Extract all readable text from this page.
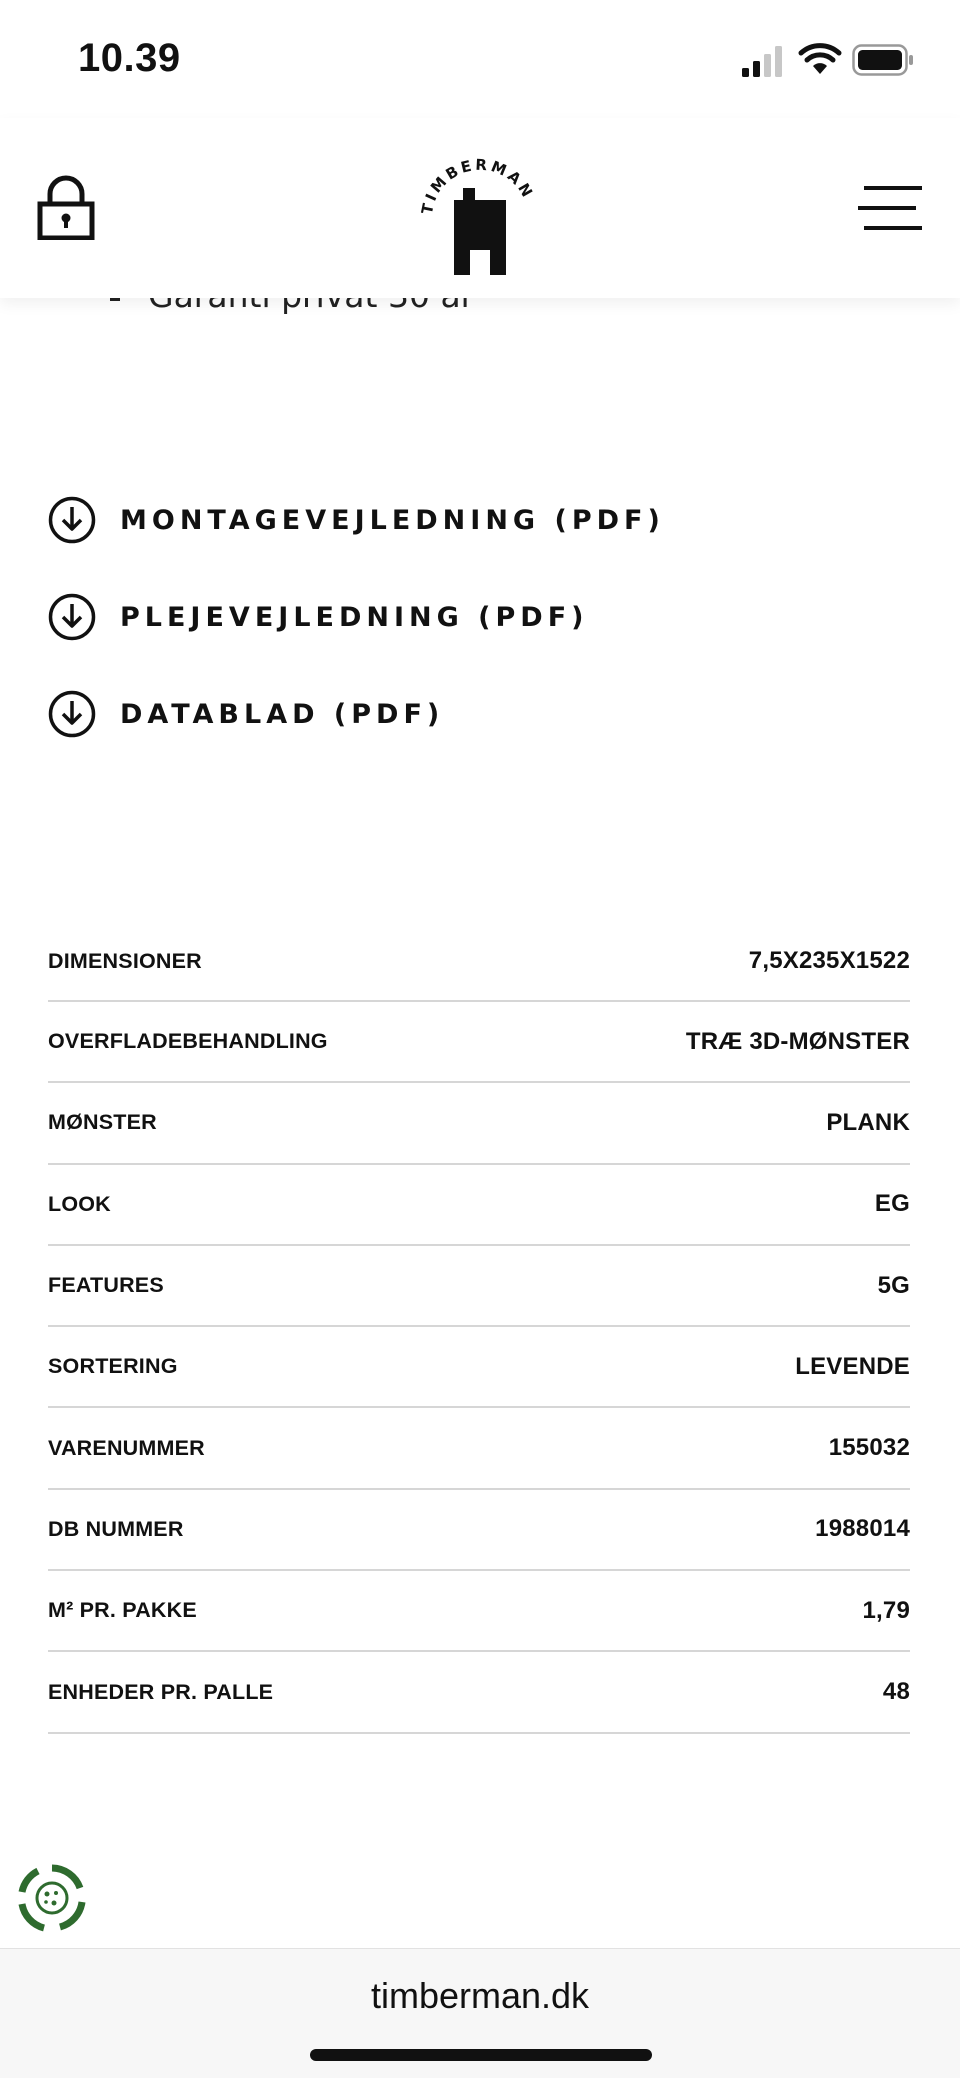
10.39
TIMBERMAN
MONTAGEVEJLEDNING (PDF)
PLEJEVEJLEDNING (PDF)
DATABLAD (PDF)
DIMENSIONER	7,5X235X1522
OVERFLADEBEHANDLING	TRÆ 3D-MØNSTER
MØNSTER	PLANK
LOOK	EG
FEATURES	5G
SORTERING	LEVENDE
VARENUMMER	155032
DB NUMMER	1988014
M² PR. PAKKE	1,79
ENHEDER PR. PALLE	48
timberman.dk
